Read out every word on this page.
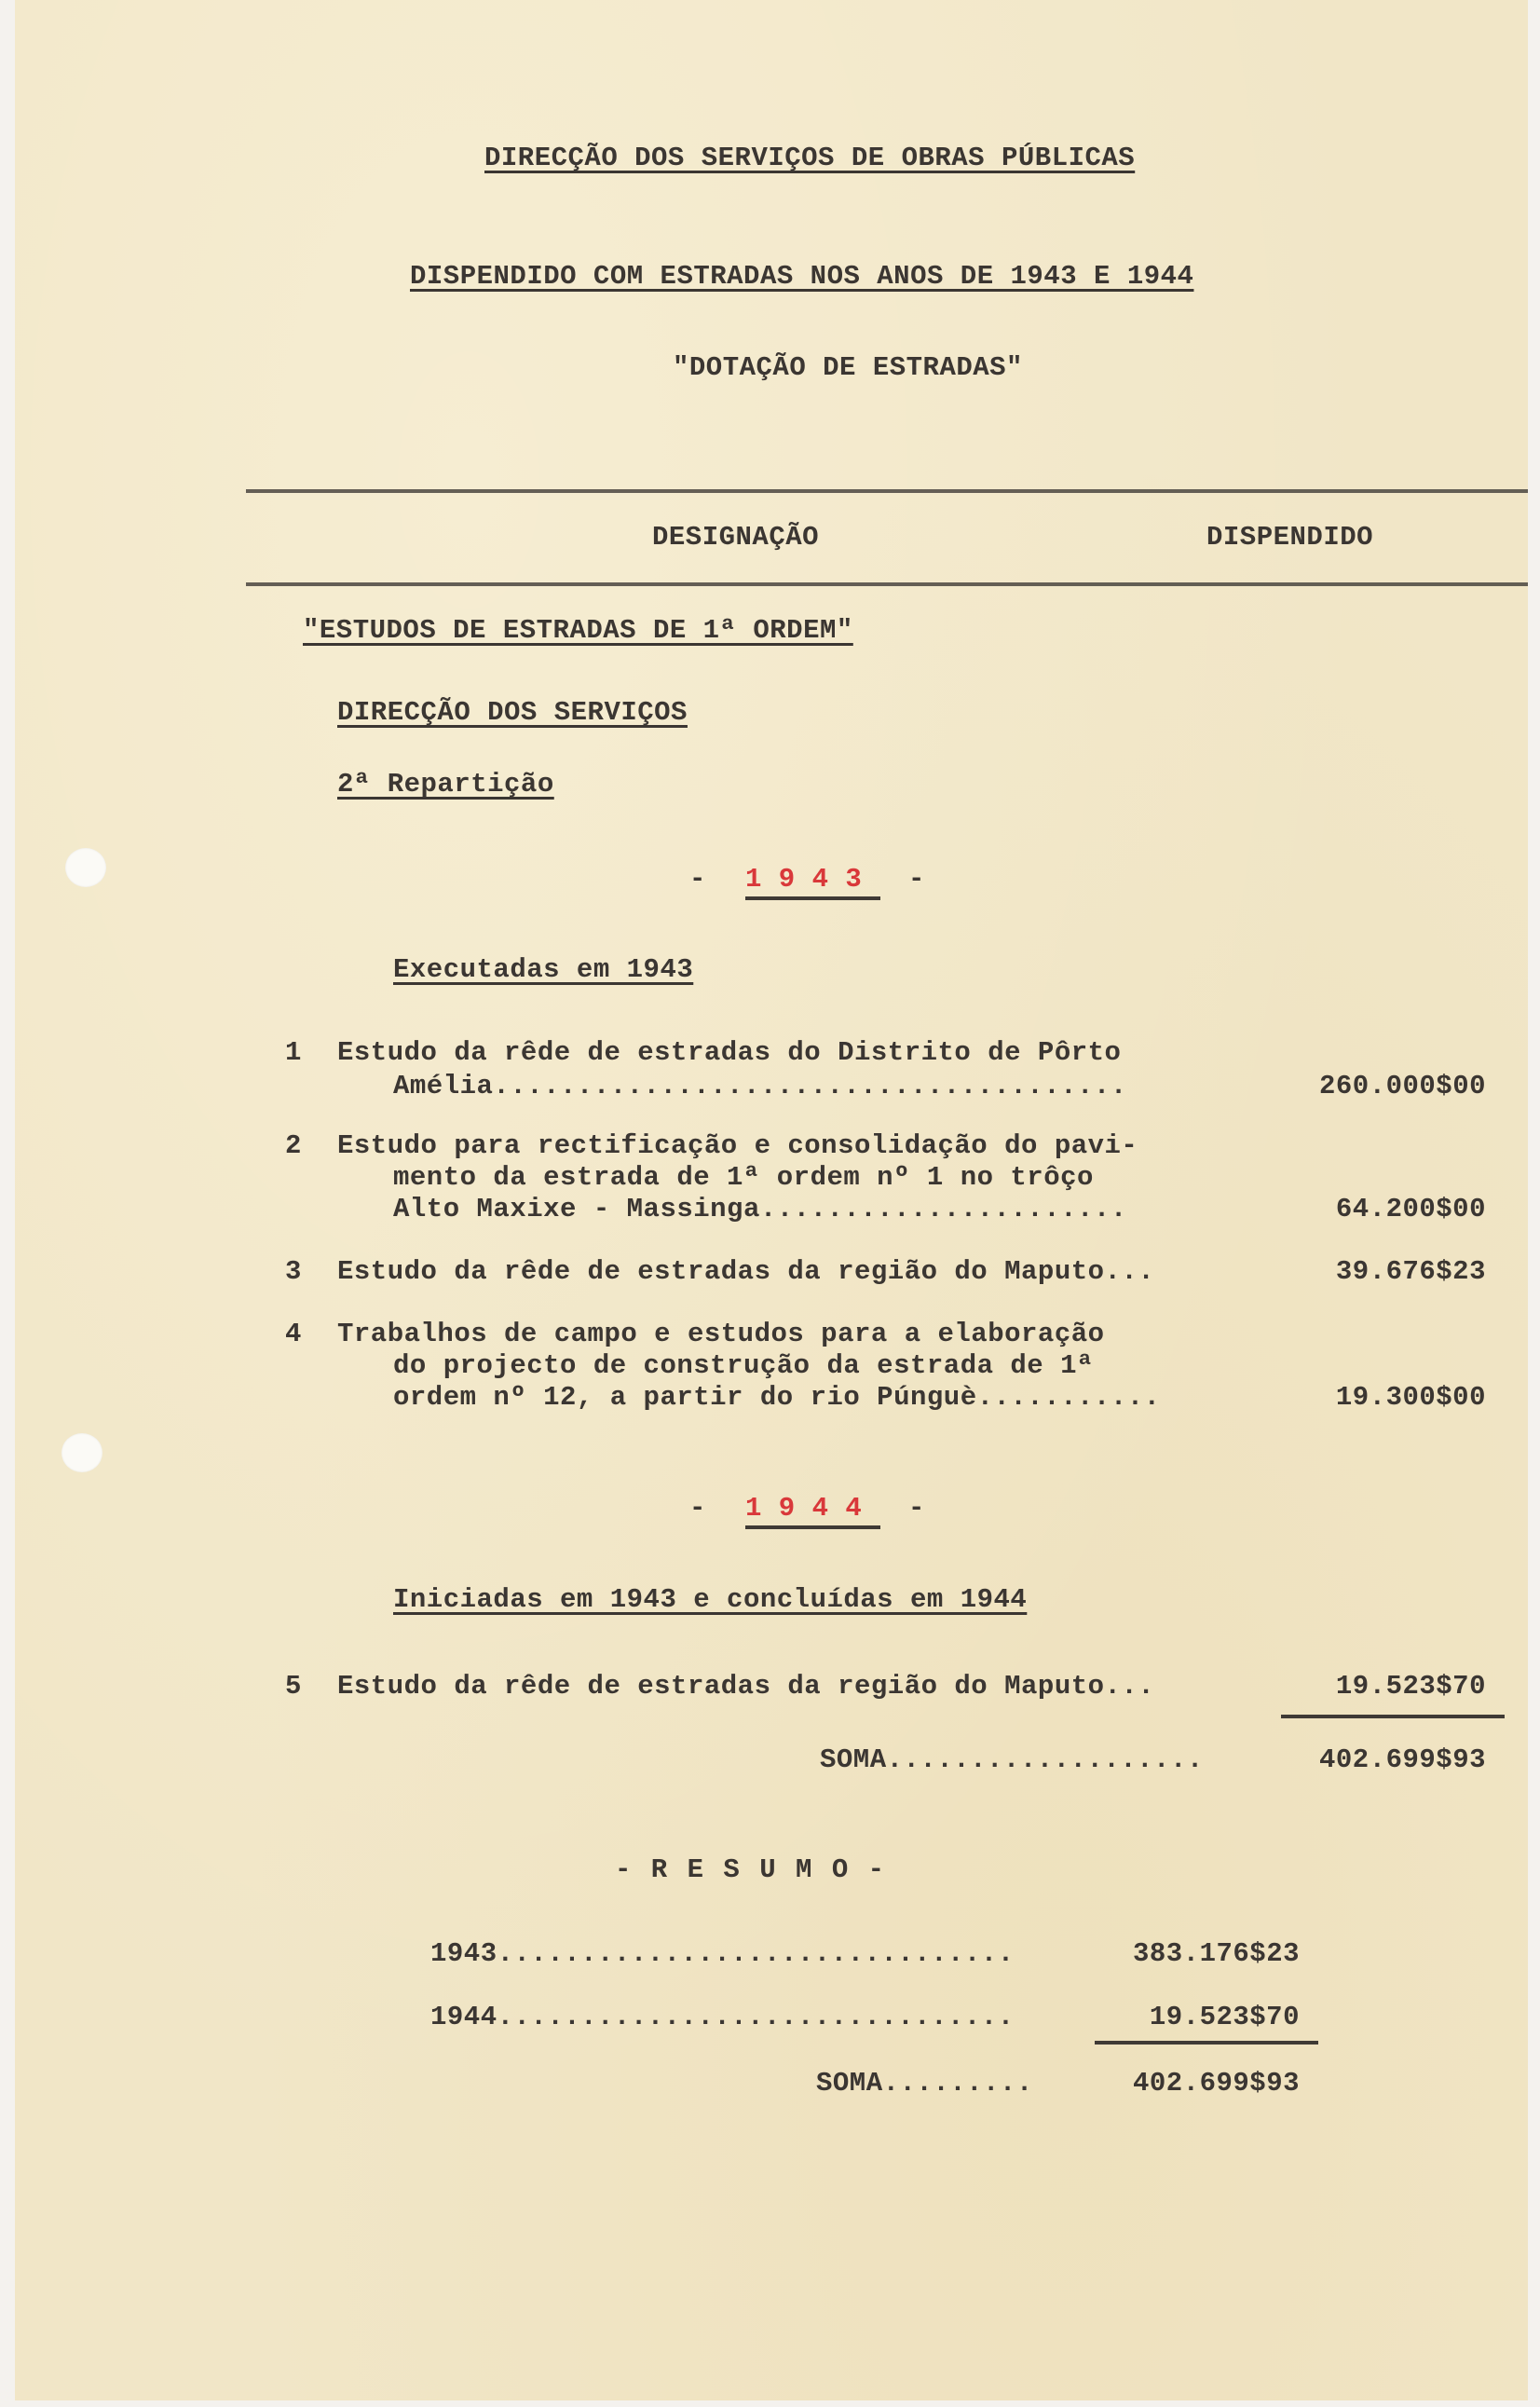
DIRECÇÃO DOS SERVIÇOS DE OBRAS PÚBLICAS
DISPENDIDO COM ESTRADAS NOS ANOS DE 1943 E 1944
"DOTAÇÃO DE ESTRADAS"
DESIGNAÇÃO	DISPENDIDO
"ESTUDOS DE ESTRADAS DE 1ª ORDEM"
DIRECÇÃO DOS SERVIÇOS
2ª Repartição
- 1 9 4 3 -
Executadas em 1943
1 Estudo da rêde de estradas do Distrito de Pôrto
Amélia......................................	260.000$00
2 Estudo para rectificação e consolidação do pavi-
mento da estrada de 1ª ordem nº 1 no trôço
Alto Maxixe - Massinga......................	64.200$00
3 Estudo da rêde de estradas da região do Maputo...	39.676$23
4 Trabalhos de campo e estudos para a elaboração
do projecto de construção da estrada de 1ª
ordem nº 12, a partir do rio Púnguè...........	19.300$00
- 1 9 4 4 -
Iniciadas em 1943 e concluídas em 1944
5 Estudo da rêde de estradas da região do Maputo...	19.523$70
SOMA...................	402.699$93
- R E S U M O -
1943...............................	383.176$23
1944...............................	19.523$70
SOMA.........	402.699$93
